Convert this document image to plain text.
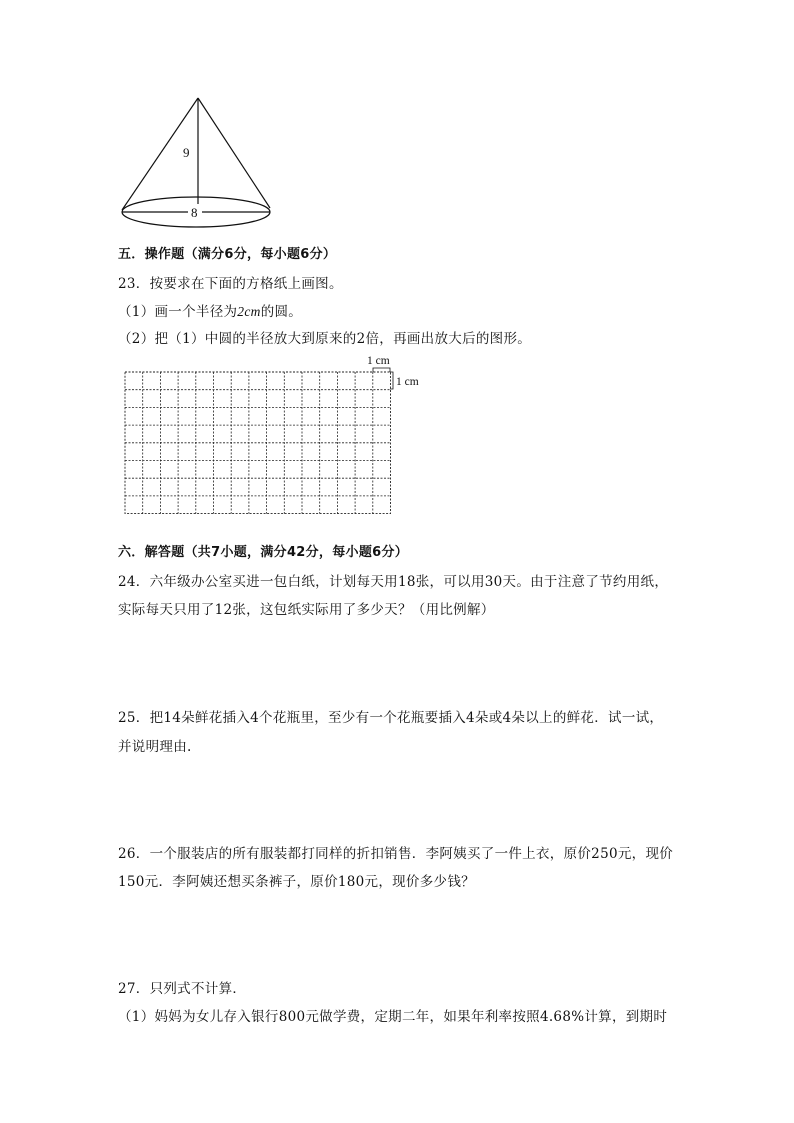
9
8
五．操作题（满分6分，每小题6分）
23．按要求在下面的方格纸上画图。
（1）画一个半径为2cm的圆。
（2）把（1）中圆的半径放大到原来的2倍，再画出放大后的图形。
1 cm
1 cm
六．解答题（共7小题，满分42分，每小题6分）
24．六年级办公室买进一包白纸，计划每天用18张，可以用30天。由于注意了节约用纸，
实际每天只用了12张，这包纸实际用了多少天？（用比例解）
25．把14朵鲜花插入4个花瓶里，至少有一个花瓶要插入4朵或4朵以上的鲜花．试一试，
并说明理由.
26．一个服装店的所有服装都打同样的折扣销售．李阿姨买了一件上衣，原价250元，现价
150元．李阿姨还想买条裤子，原价180元，现价多少钱？
27．只列式不计算．
（1）妈妈为女儿存入银行800元做学费，定期二年，如果年利率按照4.68%计算，到期时
